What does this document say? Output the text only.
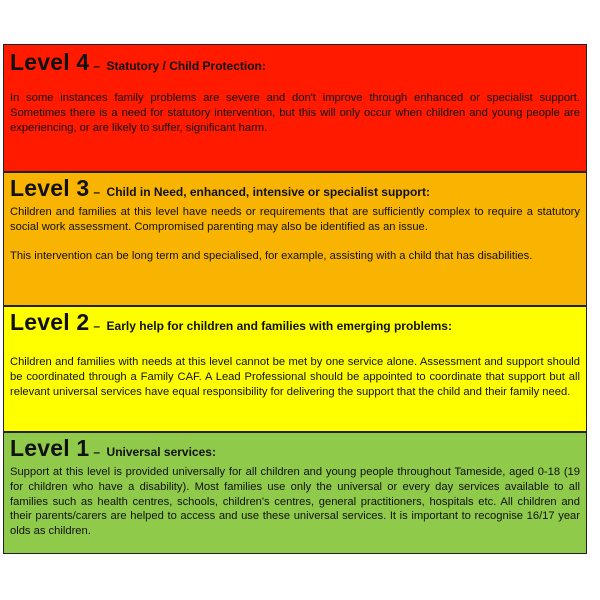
Level 4 – Statutory / Child Protection:

In some instances family problems are severe and don't improve through enhanced or specialist support. Sometimes there is a need for statutory intervention, but this will only occur when children and young people are experiencing, or are likely to suffer, significant harm.

Level 3 – Child in Need, enhanced, intensive or specialist support:

Children and families at this level have needs or requirements that are sufficiently complex to require a statutory social work assessment. Compromised parenting may also be identified as an issue.

This intervention can be long term and specialised, for example, assisting with a child that has disabilities.

Level 2 – Early help for children and families with emerging problems:

Children and families with needs at this level cannot be met by one service alone. Assessment and support should be coordinated through a Family CAF. A Lead Professional should be appointed to coordinate that support but all relevant universal services have equal responsibility for delivering the support that the child and their family need.

Level 1 – Universal services:

Support at this level is provided universally for all children and young people throughout Tameside, aged 0-18 (19 for children who have a disability). Most families use only the universal or every day services available to all families such as health centres, schools, children's centres, general practitioners, hospitals etc. All children and their parents/carers are helped to access and use these universal services. It is important to recognise 16/17 year olds as children.
